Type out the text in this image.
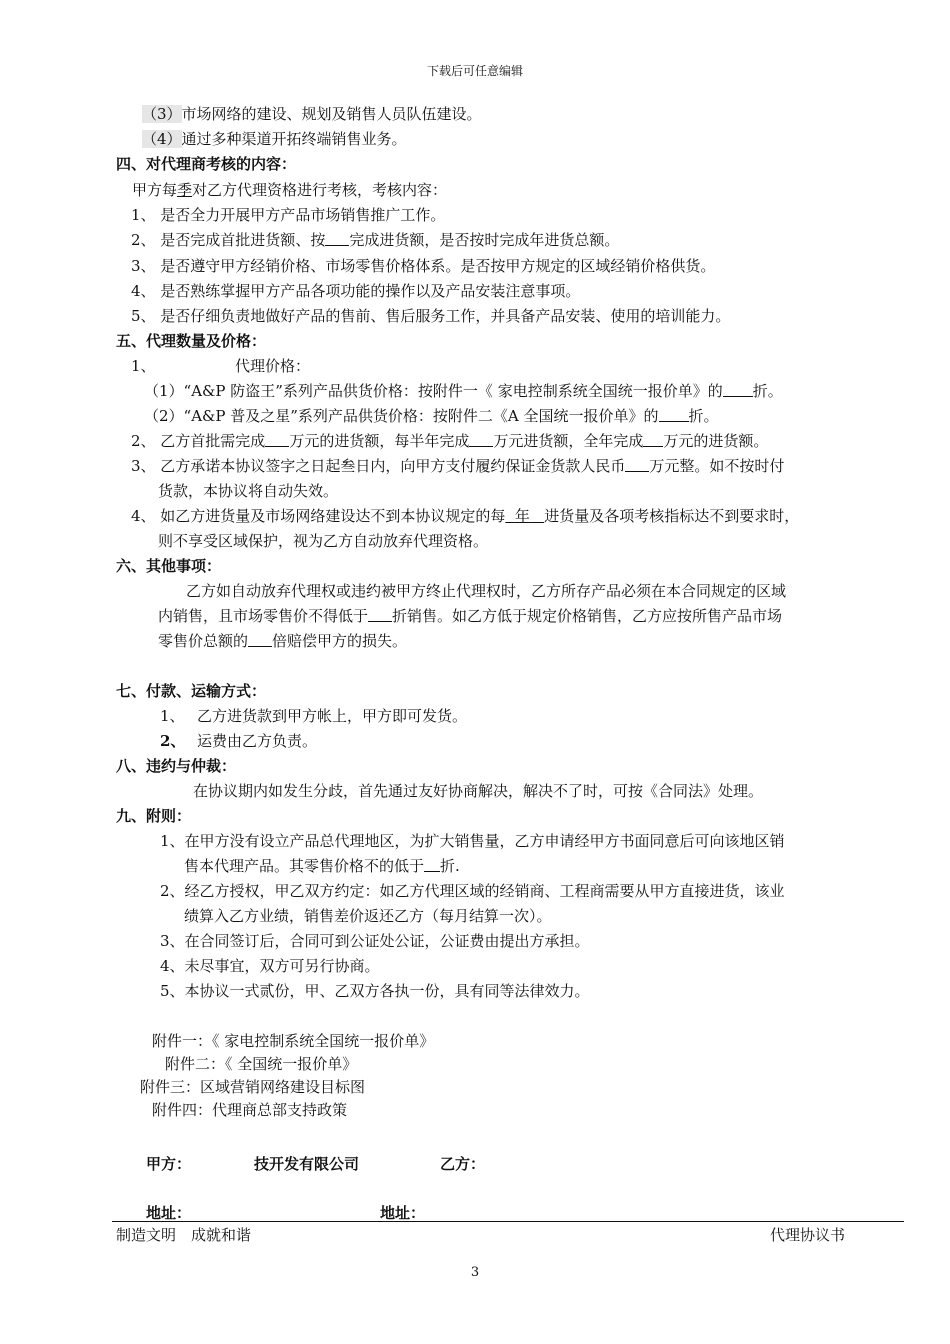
下载后可任意编辑
（3）市场网络的建设、规划及销售人员队伍建设。
（4）通过多种渠道开拓终端销售业务。
四、对代理商考核的内容：
甲方每季对乙方代理资格进行考核，考核内容：
1、 是否全力开展甲方产品市场销售推广工作。
2、 是否完成首批进货额、按 完成进货额，是否按时完成年进货总额。
3、 是否遵守甲方经销价格、市场零售价格体系。是否按甲方规定的区域经销价格供货。
4、 是否熟练掌握甲方产品各项功能的操作以及产品安装注意事项。
5、 是否仔细负责地做好产品的售前、售后服务工作，并具备产品安装、使用的培训能力。
五、代理数量及价格：
1、	代理价格：
（1）“A&P 防盗王”系列产品供货价格：按附件一《 家电控制系统全国统一报价单》的 折。
（2）“A&P 普及之星”系列产品供货价格：按附件二《A 全国统一报价单》的 折。
2、 乙方首批需完成 万元的进货额，每半年完成 万元进货额，全年完成 万元的进货额。
3、 乙方承诺本协议签字之日起叁日内，向甲方支付履约保证金货款人民币 万元整。如不按时付
货款，本协议将自动失效。
4、 如乙方进货量及市场网络建设达不到本协议规定的每 年 进货量及各项考核指标达不到要求时，
则不享受区域保护，视为乙方自动放弃代理资格。
六、其他事项：
乙方如自动放弃代理权或违约被甲方终止代理权时，乙方所存产品必须在本合同规定的区域
内销售，且市场零售价不得低于 折销售。如乙方低于规定价格销售，乙方应按所售产品市场
零售价总额的 倍赔偿甲方的损失。
七、付款、运输方式：
1、 乙方进货款到甲方帐上，甲方即可发货。
2、 运费由乙方负责。
八、违约与仲裁：
在协议期内如发生分歧，首先通过友好协商解决，解决不了时，可按《合同法》处理。
九、附则：
1、在甲方没有设立产品总代理地区，为扩大销售量，乙方申请经甲方书面同意后可向该地区销
售本代理产品。其零售价格不的低于 折.
2、经乙方授权，甲乙双方约定：如乙方代理区域的经销商、工程商需要从甲方直接进货，该业
绩算入乙方业绩，销售差价返还乙方（每月结算一次）。
3、在合同签订后，合同可到公证处公证，公证费由提出方承担。
4、未尽事宜，双方可另行协商。
5、本协议一式贰份，甲、乙双方各执一份，具有同等法律效力。
附件一：《 家电控制系统全国统一报价单》
附件二：《 全国统一报价单》
附件三：区域营销网络建设目标图
附件四：代理商总部支持政策
甲方：	技开发有限公司	乙方：
地址：	地址：
制造文明　成就和谐	代理协议书
3
